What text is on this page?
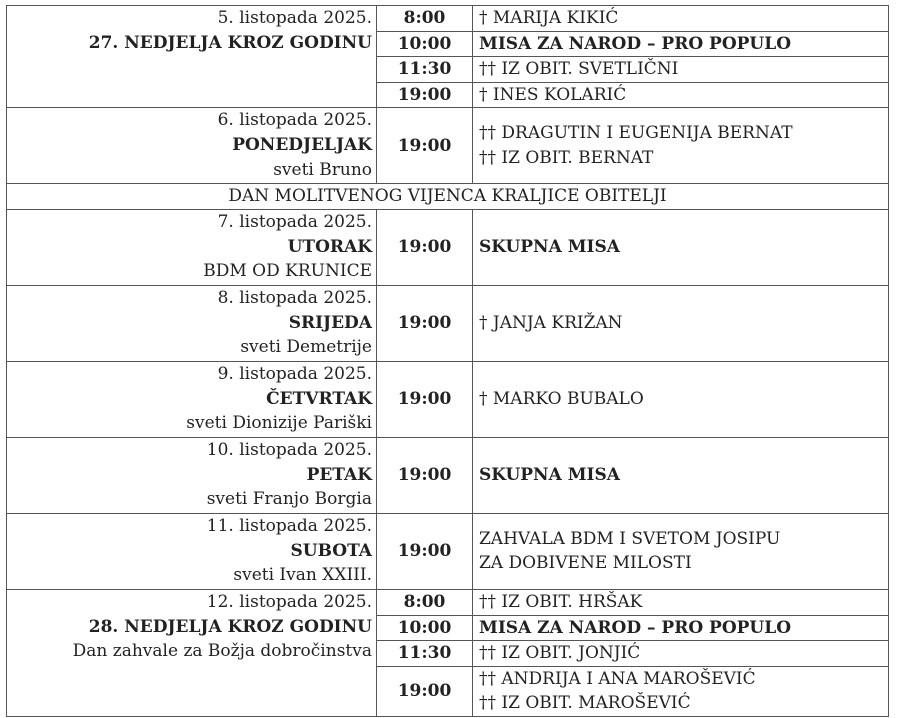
5. listopada 2025.
27. NEDJELJA KROZ GODINU	8:00	† MARIJA KIKIĆ

	10:00	MISA ZA NAROD – PRO POPULO

	11:30	†† IZ OBIT. SVETLIČNI

	19:00	† INES KOLARIĆ

6. listopada 2025.
PONEDJELJAK
sveti Bruno	19:00	†† DRAGUTIN I EUGENIJA BERNAT
†† IZ OBIT. BERNAT

DAN MOLITVENOG VIJENCA KRALJICE OBITELJI		

7. listopada 2025.
UTORAK
BDM OD KRUNICE	19:00	SKUPNA MISA

8. listopada 2025.
SRIJEDA
sveti Demetrije	19:00	† JANJA KRIŽAN

9. listopada 2025.
ČETVRTAK
sveti Dionizije Pariški	19:00	† MARKO BUBALO

10. listopada 2025.
PETAK
sveti Franjo Borgia	19:00	SKUPNA MISA

11. listopada 2025.
SUBOTA
sveti Ivan XXIII.	19:00	ZAHVALA BDM I SVETOM JOSIPU
ZA DOBIVENE MILOSTI

12. listopada 2025.
28. NEDJELJA KROZ GODINU
Dan zahvale za Božja dobročinstva	8:00	†† IZ OBIT. HRŠAK

	10:00	MISA ZA NAROD – PRO POPULO

	11:30	†† IZ OBIT. JONJIĆ

	19:00	†† ANDRIJA I ANA MAROŠEVIĆ
†† IZ OBIT. MAROŠEVIĆ
